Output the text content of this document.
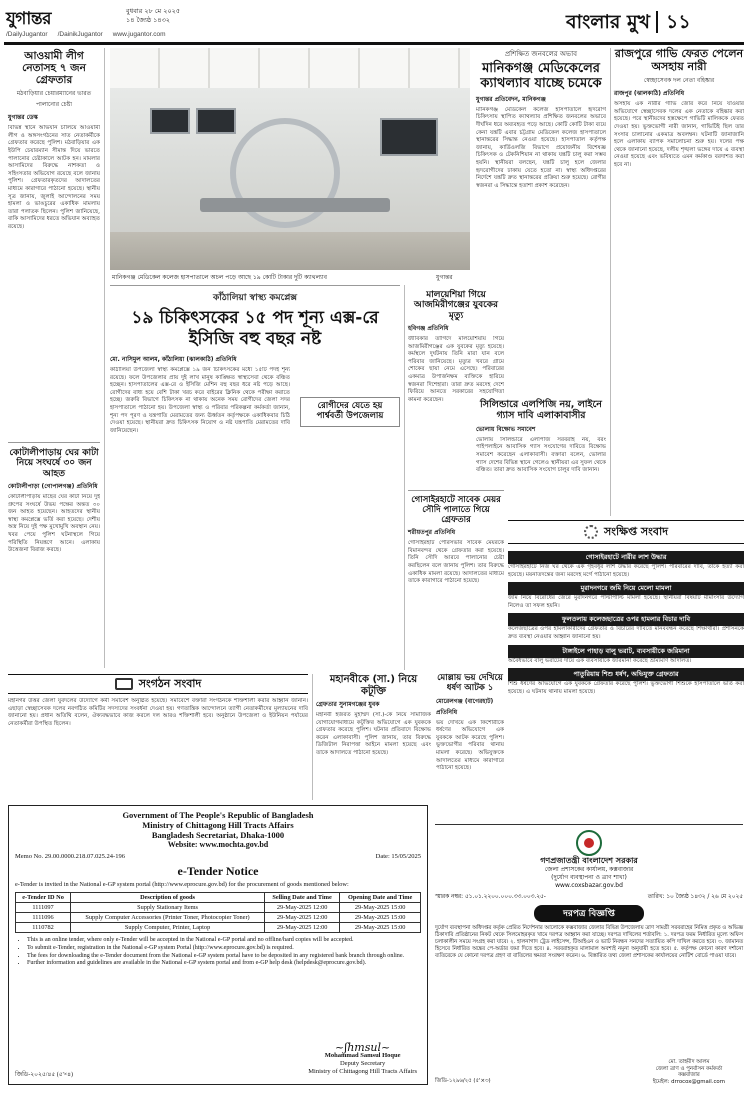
যুগান্তর
/DailyJugantor /DainikJugantor www.jugantor.com
বুধবার ২৮ মে ২০২৫
১৪ জ্যৈষ্ঠ ১৪৩২	বাংলার মুখ ১১
আওয়ামী লীগ নেতাসহ ৭ জন গ্রেফতার
মঠবাড়িয়ার চেয়ারম্যানের ভারত পালানোর চেষ্টা
যুগান্তর ডেস্ক
বিভিন্ন স্থানে অভিযান চালিয়ে আওয়ামী লীগ ও অঙ্গসংগঠনের সাত নেতাকর্মীকে গ্রেফতার করেছে পুলিশ। মঠবাড়িয়ার এক ইউপি চেয়ারম্যান সীমান্ত দিয়ে ভারতে পালানোর চেষ্টাকালে আটক হন। মামলার আসামিদের বিরুদ্ধে নাশকতা ও সহিংসতার অভিযোগ রয়েছে বলে জানায় পুলিশ। গ্রেফতারকৃতদের আদালতের মাধ্যমে কারাগারে পাঠানো হয়েছে। স্থানীয় সূত্র জানায়, জুলাই আন্দোলনের সময় হামলা ও ভাঙচুরের একাধিক মামলায় তারা পলাতক ছিলেন। পুলিশ জানিয়েছে, বাকি আসামিদের ধরতে অভিযান অব্যাহত রয়েছে।
কোটালীপাড়ায় ঘের কাটা নিয়ে সংঘর্ষে ৩০ জন আহত
কোটালীপাড়া (গোপালগঞ্জ) প্রতিনিধি
কোটালীপাড়ায় মাছের ঘের কাটা নিয়ে দুই গ্রুপের সংঘর্ষে উভয় পক্ষের অন্তত ৩০ জন আহত হয়েছেন। আহতদের স্থানীয় স্বাস্থ্য কমপ্লেক্সে ভর্তি করা হয়েছে। দেশীয় অস্ত্র নিয়ে দুই পক্ষ মুখোমুখি অবস্থান নেয়। খবর পেয়ে পুলিশ ঘটনাস্থলে গিয়ে পরিস্থিতি নিয়ন্ত্রণে আনে। এলাকায় উত্তেজনা বিরাজ করছে।
মানিকগঞ্জ মেডিকেল কলেজ হাসপাতালে অচল পড়ে আছে ১৯ কোটি টাকার দুটি ক্যাথল্যাব	যুগান্তর
প্রশিক্ষিত জনবলের অভাব
মানিকগঞ্জ মেডিকেলের ক্যাথল্যাব যাচ্ছে চমেকে
যুগান্তর প্রতিবেদন, মানিকগঞ্জ
মানিকগঞ্জ মেডিকেল কলেজ হাসপাতালে হৃদরোগ চিকিৎসায় স্থাপিত ক্যাথল্যাব প্রশিক্ষিত জনবলের অভাবে দীর্ঘদিন ধরে অব্যবহৃত পড়ে আছে। কোটি কোটি টাকা ব্যয়ে কেনা যন্ত্রটি এবার চট্টগ্রাম মেডিকেল কলেজ হাসপাতালে স্থানান্তরের সিদ্ধান্ত নেওয়া হয়েছে। হাসপাতাল কর্তৃপক্ষ জানায়, কার্ডিওলজি বিভাগে প্রয়োজনীয় বিশেষজ্ঞ চিকিৎসক ও টেকনিশিয়ান না থাকায় যন্ত্রটি চালু করা সম্ভব হয়নি। স্থানীয়রা বলছেন, যন্ত্রটি চালু হলে জেলার হৃদরোগীদের ঢাকায় যেতে হতো না। স্বাস্থ্য অধিদপ্তরের নির্দেশে যন্ত্রটি দ্রুত স্থানান্তরের প্রক্রিয়া শুরু হয়েছে। রোগীর স্বজনরা এ সিদ্ধান্তে হতাশা প্রকাশ করেছেন।
রাজপুরে গাভি ফেরত পেলেন অসহায় নারী
স্বেচ্ছাসেবক দল নেতা বহিষ্কার
রাজপুর (ঝালকাঠি) প্রতিনিধি
অসহায় এক নারীর গাভি জোর করে নিয়ে যাওয়ার অভিযোগে স্বেচ্ছাসেবক দলের এক নেতাকে বহিষ্কার করা হয়েছে। পরে স্থানীয়দের হস্তক্ষেপে গাভিটি মালিককে ফেরত দেওয়া হয়। ভুক্তভোগী নারী জানান, গাভিটিই ছিল তার সংসার চালানোর একমাত্র অবলম্বন। ঘটনাটি জানাজানি হলে এলাকায় ব্যাপক সমালোচনা শুরু হয়। দলের পক্ষ থেকে জানানো হয়েছে, দলীয় শৃঙ্খলা ভঙ্গের দায়ে এ ব্যবস্থা নেওয়া হয়েছে এবং ভবিষ্যতে এমন কর্মকাণ্ড বরদাশত করা হবে না।
কাঁঠালিয়া স্বাস্থ্য কমপ্লেক্স
১৯ চিকিৎসকের ১৫ পদ শূন্য এক্স-রে ইসিজি বহু বছর নষ্ট
মো. নাসিমুল আলম, কাঁঠালিয়া (ঝালকাঠি) প্রতিনিধি
কাঁঠালিয়া উপজেলা স্বাস্থ্য কমপ্লেক্সে ১৯ জন চিকিৎসকের মধ্যে ১৫টি পদই শূন্য রয়েছে। ফলে উপজেলার প্রায় দুই লাখ মানুষ কাঙ্ক্ষিত স্বাস্থ্যসেবা থেকে বঞ্চিত হচ্ছেন। হাসপাতালের এক্স-রে ও ইসিজি মেশিন বহু বছর ধরে নষ্ট পড়ে আছে। রোগীদের বাধ্য হয়ে বেশি টাকা খরচ করে বাইরের ক্লিনিক থেকে পরীক্ষা করাতে হচ্ছে। জরুরি বিভাগে চিকিৎসক না থাকায় অনেক সময় রোগীদের জেলা সদর হাসপাতালে পাঠানো হয়। উপজেলা স্বাস্থ্য ও পরিবার পরিকল্পনা কর্মকর্তা জানান, শূন্য পদ পূরণ ও যন্ত্রপাতি মেরামতের জন্য ঊর্ধ্বতন কর্তৃপক্ষকে একাধিকবার চিঠি দেওয়া হয়েছে। স্থানীয়রা দ্রুত চিকিৎসক নিয়োগ ও নষ্ট যন্ত্রপাতি মেরামতের দাবি জানিয়েছেন।
রোগীদের যেতে হয় পার্শ্ববর্তী উপজেলায়
মালয়েশিয়া গিয়ে আজমিরীগঞ্জের যুবকের মৃত্যু
হবিগঞ্জ প্রতিনিধি
জীবিকার তাগিদে মালয়েশিয়ায় গিয়ে আজমিরীগঞ্জের এক যুবকের মৃত্যু হয়েছে। কর্মস্থলে দুর্ঘটনায় তিনি মারা যান বলে পরিবার জানিয়েছে। মৃত্যুর খবরে গ্রামে শোকের ছায়া নেমে এসেছে। পরিবারের একমাত্র উপার্জনক্ষম ব্যক্তিকে হারিয়ে স্বজনরা দিশেহারা। তারা দ্রুত মরদেহ দেশে ফিরিয়ে আনতে সরকারের সহযোগিতা কামনা করেছেন।
গোসাইরহাটে সাবেক মেয়র সৌদি পালাতে গিয়ে গ্রেফতার
শরীয়তপুর প্রতিনিধি
গোসাইরহাট পৌরসভার সাবেক মেয়রকে বিমানবন্দর থেকে গ্রেফতার করা হয়েছে। তিনি সৌদি আরবে পালানোর চেষ্টা করছিলেন বলে জানায় পুলিশ। তার বিরুদ্ধে একাধিক মামলা রয়েছে। আদালতের মাধ্যমে তাকে কারাগারে পাঠানো হয়েছে।
সিলিন্ডারে এলপিজি নয়, লাইনে গ্যাস দাবি এলাকাবাসীর
ভোলায় বিক্ষোভ সমাবেশ
ভোলায় সিলিন্ডারে এলপিজি সরবরাহ নয়, বরং পাইপলাইনে আবাসিক গ্যাস সংযোগের দাবিতে বিক্ষোভ সমাবেশ করেছেন এলাকাবাসী। বক্তারা বলেন, ভোলার গ্যাস দেশের বিভিন্ন স্থানে গেলেও স্থানীয়রা এর সুফল থেকে বঞ্চিত। তারা দ্রুত আবাসিক সংযোগ চালুর দাবি জানান।
সংক্ষিপ্ত সংবাদ
গোসাইরহাটে নারীর লাশ উদ্ধার
গোসাইরহাটে নিজ ঘর থেকে এক গৃহবধূর লাশ উদ্ধার করেছে পুলিশ। পরিবারের দাবি, তাকে হত্যা করা হয়েছে। ময়নাতদন্তের জন্য মরদেহ মর্গে পাঠানো হয়েছে।
মুরাদনগরে জমি নিয়ে মেলো মামলা
জমি নিয়ে বিরোধের জেরে মুরাদনগরে পাল্টাপাল্টি মামলা হয়েছে। স্থানীয়রা বিষয়টি মীমাংসার উদ্যোগ নিলেও তা সফল হয়নি।
ফুলতলায় কলেজছাত্রের ওপর হামলার বিচার দাবি
কলেজছাত্রের ওপর হামলাকারীদের গ্রেফতার ও বিচারের দাবিতে মানববন্ধন করেছে শিক্ষার্থীরা। প্রশাসনকে দ্রুত ব্যবস্থা নেওয়ার আহ্বান জানানো হয়।
টাঙ্গাইলে পাহাড় বালু ভরাট, ব্যবসায়ীকে জরিমানা
অবৈধভাবে বালু ভরাটের দায়ে এক ব্যবসায়ীকে জরিমানা করেছে ভ্রাম্যমাণ আদালত।
পাতুরিয়ায় শিশু ধর্ষণ, অভিযুক্ত গ্রেফতার
শিশু ধর্ষণের অভিযোগে এক যুবককে গ্রেফতার করেছে পুলিশ। ভুক্তভোগী শিশুকে হাসপাতালে ভর্তি করা হয়েছে। এ ঘটনায় থানায় মামলা হয়েছে।
সংগঠন সংবাদ
মহানগর উত্তর জেলা যুবদলের উদ্যোগে কর্মী সমাবেশ অনুষ্ঠিত হয়েছে। সমাবেশে বক্তারা সংগঠনকে শক্তিশালী করার আহ্বান জানান। এছাড়া স্বেচ্ছাসেবক দলের নবগঠিত কমিটির সদস্যদের সংবর্ধনা দেওয়া হয়। গণতান্ত্রিক আন্দোলনে ত্যাগী নেতাকর্মীদের মূল্যায়নের দাবি জানানো হয়। প্রধান অতিথি বলেন, ঐক্যবদ্ধভাবে কাজ করলে দল আরও শক্তিশালী হবে। অনুষ্ঠানে উপজেলা ও ইউনিয়ন পর্যায়ের নেতাকর্মীরা উপস্থিত ছিলেন।
মহানবীকে (সা.) নিয়ে কটূক্তি
গ্রেফতার সুনামগঞ্জের যুবক
মহানবী হজরত মুহাম্মদ (সা.)-কে নিয়ে সামাজিক যোগাযোগমাধ্যমে কটূক্তির অভিযোগে এক যুবককে গ্রেফতার করেছে পুলিশ। ঘটনার প্রতিবাদে বিক্ষোভ করেন এলাকাবাসী। পুলিশ জানায়, তার বিরুদ্ধে ডিজিটাল নিরাপত্তা আইনে মামলা হয়েছে এবং তাকে আদালতে পাঠানো হয়েছে।
মোল্লায় ভয় দেখিয়ে ধর্ষণ আটক ১
মোরেলগঞ্জ (বাগেরহাট) প্রতিনিধি
ভয় দেখিয়ে এক কিশোরীকে ধর্ষণের অভিযোগে এক যুবককে আটক করেছে পুলিশ। ভুক্তভোগীর পরিবার থানায় মামলা করেছে। অভিযুক্তকে আদালতের মাধ্যমে কারাগারে পাঠানো হয়েছে।
Government of The People's Republic of Bangladesh
Ministry of Chittagong Hill Tracts Affairs
Bangladesh Secretariat, Dhaka-1000
Website: www.mochta.gov.bd
Memo No. 29.00.0000.218.07.025.24-196	Date: 15/05/2025
e-Tender Notice
e-Tender is invited in the National e-GP system portal (http://www.eprocure.gov.bd) for the procurement of goods mentioned below:
e-Tender ID No	Description of goods	Selling Date and Time	Opening Date and Time
1111097	Supply Stationary Items	29-May-2025 12:00	29-May-2025 15:00
1111096	Supply Computer Accessories (Printer Toner, Photocopier Toner)	29-May-2025 12:00	29-May-2025 15:00
1110782	Supply Computer, Printer, Laptop	29-May-2025 12:00	29-May-2025 15:00
• This is an online tender, where only e-Tender will be accepted in the National e-GP portal and no offline/hard copies will be accepted.
• To submit e-Tender, registration in the National e-GP system Portal (http://www.eprocure.gov.bd) is required.
• The fees for downloading the e-Tender document from the National e-GP system portal have to be deposited in any registered bank branch through online.
• Further information and guidelines are available in the National e-GP system portal and from e-GP help desk (helpdesk@eprocure.gov.bd).
~ʃhmsul~
Mohammad Samsul Hoque
Deputy Secretary
Ministry of Chittagong Hill Tracts Affairs
জিডি-২০২৫/৪৫ (৫'×৪)
গণপ্রজাতন্ত্রী বাংলাদেশ সরকার
জেলা প্রশাসকের কার্যালয়, কক্সবাজার
(দুর্যোগ ব্যবস্থাপনা ও ত্রাণ শাখা)
www.coxsbazar.gov.bd
স্মারক নম্বর: ৫১.০১.২২০০.০০০.৩৩.০০৩.২৫-	তারিখ: ১০ জ্যৈষ্ঠ ১৪৩২ / ২৬ মে ২০২৫
দরপত্র বিজ্ঞপ্তি
দুর্যোগ ব্যবস্থাপনা অধিদপ্তর কর্তৃক প্রেরিত নির্দেশনার আলোকে কক্সবাজার জেলার বিভিন্ন উপজেলায় ত্রাণ সামগ্রী সরবরাহের নিমিত্ত প্রকৃত ও অভিজ্ঞ ঠিকাদারি প্রতিষ্ঠানের নিকট থেকে সিলমোহরকৃত খামে দরপত্র আহ্বান করা যাচ্ছে। দরপত্র দাখিলের শর্তাবলি: ১. দরপত্র ফরম নির্ধারিত মূল্যে অফিস চলাকালীন সময়ে সংগ্রহ করা যাবে। ২. হালনাগাদ ট্রেড লাইসেন্স, টিআইএন ও ভ্যাট নিবন্ধন সনদের সত্যায়িত কপি দাখিল করতে হবে। ৩. জামানত হিসেবে নির্ধারিত অঙ্কের পে-অর্ডার জমা দিতে হবে। ৪. সরবরাহকৃত মালামাল অবশ্যই নমুনা অনুযায়ী হতে হবে। ৫. কর্তৃপক্ষ কোনো কারণ দর্শানো ব্যতিরেকে যে কোনো দরপত্র গ্রহণ বা বাতিলের ক্ষমতা সংরক্ষণ করেন। ৬. বিস্তারিত তথ্য জেলা প্রশাসকের কার্যালয়ের নোটিশ বোর্ডে পাওয়া যাবে।
মো. তাহমীদ আলম
জেলা ত্রাণ ও পুনর্বাসন কর্মকর্তা
কক্সবাজার
ইমেইল: drrocox@gmail.com
জিডি-১২৯৬/২৫ (৫'×৩)
